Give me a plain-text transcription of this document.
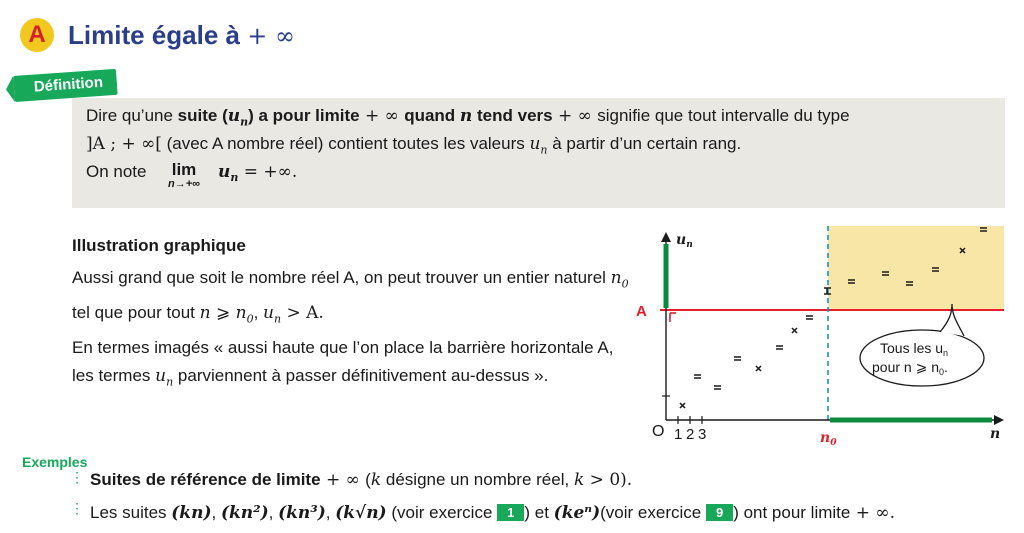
A Limite égale à + ∞
Définition
Dire qu’une suite $(u_n)$ a pour limite + ∞ quand n tend vers + ∞ signifie que tout intervalle du type
]A ; + ∞[ (avec A nombre réel) contient toutes les valeurs $u_n$ à partir d’un certain rang.
On note	lim
n→+∞
$u_n$ = +∞.
Illustration graphique
Aussi grand que soit le nombre réel A, on peut trouver un entier naturel $n_0$ tel que pour tout n ⩾ $n_0$, $u_n > A$.
En termes imagés « aussi haute que l’on place la barrière horizontale A, les termes $u_n$ parviennent à passer définitivement au-dessus ».
$u_n$
n
O 1 2 3	$n_0$
A
Tous les $u_n$
pour n ⩾ $n_0$.
Exemples
⋮ Suites de référence de limite + ∞ (k désigne un nombre réel, k > 0).
⋮ Les suites (kn), (kn²), (kn³), (k√n) (voir exercice 1 ) et (keⁿ)(voir exercice 9 ) ont pour limite + ∞.
